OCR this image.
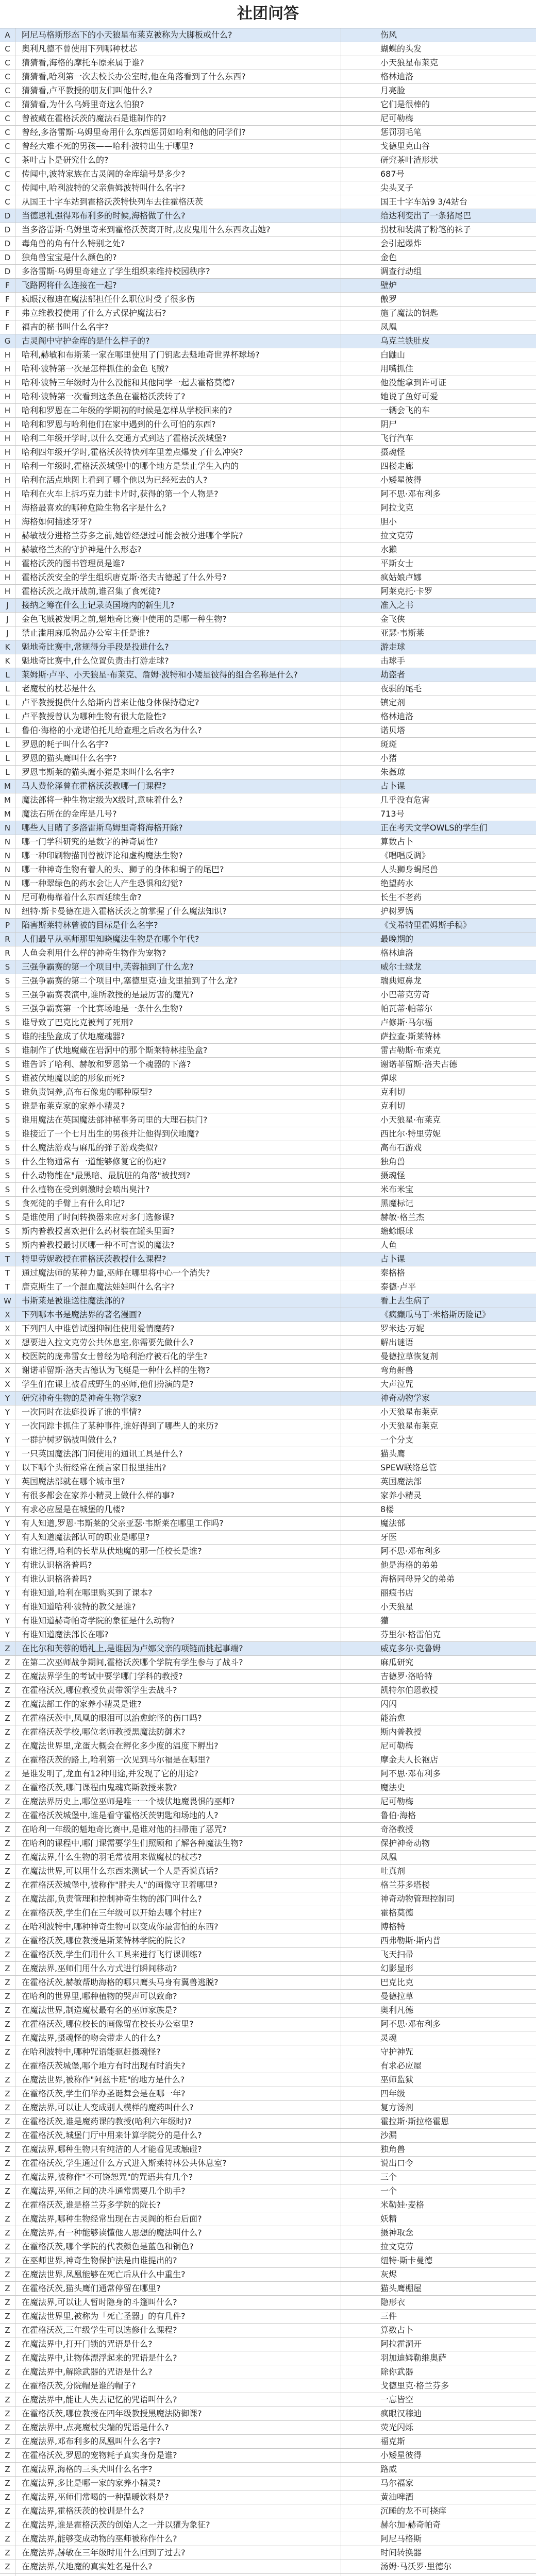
社团问答
A	阿尼马格斯形态下的小天狼星布莱克被称为大脚板或什么?	伤风
C	奥利凡德不曾使用下列哪种杖芯	蝴蝶的头发
C	猜猜看,海格的摩托车原来属于谁?	小天狼星布莱克
C	猜猜看,哈利第一次去校长办公室时,他在角落看到了什么东西?	格林迪洛
C	猜猜看,卢平教授的朋友们叫他什么?	月亮脸
C	猜猜看,为什么乌姆里奇这么怕狼?	它们是很棒的
C	曾被藏在霍格沃茨的魔法石是谁制作的?	尼可勒梅
C	曾经,多洛雷斯·乌姆里奇用什么东西惩罚如哈利和他的同学们?	惩罚羽毛笔
C	曾经大难不死的男孩——哈利·波特出生于哪里?	戈德里克山谷
C	茶叶占卜是研究什么的?	研究茶叶渣形状
C	传闻中,波特家族在古灵阁的金库编号是多少?	687号
C	传闻中,哈利波特的父亲詹姆波特叫什么名字?	尖头叉子
C	从国王十字车站到霍格沃茨特快列车去往霍格沃茨	国王十字车站9 3/4站台
D	当德思礼强得邓布利多的时候,海格做了什么?	给达利变出了一条猪尾巴
D	当多洛雷斯·乌姆里奇来到霍格沃茨离开时,皮皮鬼用什么东西攻击她?	拐杖和装满了粉笔的袜子
D	毒角兽的角有什么特别之处?	会引起爆炸
D	独角兽宝宝是什么颜色的?	金色
D	多洛雷斯·乌姆里奇建立了学生组织来维持校园秩序?	调查行动组
F	飞路网将什么连接在一起?	壁炉
F	疯眼汉穆迪在魔法部担任什么职位时受了很多伤	傲罗
F	弗立维教授使用了什么方式保护魔法石?	施了魔法的钥匙
F	福吉的秘书叫什么名字?	凤凰
G	古灵阁中守护金库的是什么样子的?	乌克兰铁肚皮
H	哈利,赫敏和布斯莱一家在哪里使用了门钥匙去魁地奇世界杯球场?	白鼬山
H	哈利·波特第一次是怎样抓住的金色飞贼?	用嘴抓住
H	哈利·波特三年级时为什么没能和其他同学一起去霍格莫德?	他没能拿到许可证
H	哈利·波特第一次看到这条鱼在霍格沃茨转了?	她说了鱼好可爱
H	哈利和罗恩在二年级的学期初的时候是怎样从学校回来的?	一辆会飞的车
H	哈利和罗恩与哈利他们在家中遇到的什么可怕的东西?	阴尸
H	哈利二年级开学时,以什么交通方式到达了霍格沃茨城堡?	飞行汽车
H	哈利四年级开学时,霍格沃茨特快列车里差点爆发了什么冲突?	摄魂怪
H	哈利一年级时,霍格沃茨城堡中的哪个地方是禁止学生入内的	四楼走廊
H	哈利在活点地图上看到了哪个他以为已经死去的人?	小矮星彼得
H	哈利在火车上拆巧克力蛙卡片时,获得的第一个人物是?	阿不思·邓布利多
H	海格最喜欢的哪种危险生物名字是什么?	阿拉戈克
H	海格如何描述牙牙?	胆小
H	赫敏被分进格兰芬多之前,她曾经想过可能会被分进哪个学院?	拉文克劳
H	赫敏格兰杰的守护神是什么形态?	水獭
H	霍格沃茨的图书管理员是谁?	平斯女士
H	霍格沃茨安全的学生组织唐克斯·洛夫古德起了什么外号?	疯姑娘卢娜
H	霍格沃茨之战开战前,谁召集了食死徒?	阿莱克托·卡罗
J	接纳之筹在什么上记录英国境内的新生儿?	准入之书
J	金色飞贼被发明之前,魁地奇比赛中使用的是哪一种生物?	金飞侠
J	禁止滥用麻瓜物品办公室主任是谁?	亚瑟·韦斯莱
K	魁地奇比赛中,常规得分手段是投进什么?	游走球
K	魁地奇比赛中,什么位置负责击打游走球?	击球手
L	莱姆斯·卢平、小天狼星·布莱克、詹姆·波特和小矮星彼得的组合名称是什么?	劫盗者
L	老魔杖的杖芯是什么	夜骐的尾毛
L	卢平教授提供什么给斯内普来让他身体保持稳定?	镇定剂
L	卢平教授曾认为哪种生物有很大危险性?	格林迪洛
L	鲁伯·海格的小龙诺伯托儿给查理之后改名为什么?	诺贝塔
L	罗恩的耗子叫什么名字?	斑斑
L	罗恩的猫头鹰叫什么名字?	小猪
L	罗恩韦斯莱的猫头鹰小猪是来叫什么名字?	朱薇琼
M	马人费伦泽曾在霍格沃茨教哪一门课程?	占卜课
M	魔法部将一种生物定级为X级时,意味着什么?	几乎没有危害
M	魔法石所在的金库是几号?	713号
N	哪些人目睹了多洛雷斯乌姆里奇将海格开除?	正在考天文学OWLS的学生们
N	哪一门学科研究的是数字的神奇属性?	算数占卜
N	哪一种印刷物描刊曾被评论和虚构魔法生物?	《唱唱反调》
N	哪一种神奇生物有着人的头、狮子的身体和蝎子的尾巴?	人头狮身蝎尾兽
N	哪一种翠绿色的药水会让人产生恐惧和幻觉?	绝望药水
N	尼可勒梅靠着什么东西延续生命?	长生不老药
N	纽特·斯卡曼德在进入霍格沃茨之前掌握了什么魔法知识?	护树罗锅
P	陷害斯莱特林曾被的目标是什么名字?	《戈希特里霍姆斯手稿》
R	人们最早从巫师那里知晓魔法生物是在哪个年代?	最晚期的
R	人鱼会利用什么样的神奇生物作为宠物?	格林迪洛
S	三强争霸赛的第一个项目中,芙蓉抽到了什么龙?	威尔士绿龙
S	三强争霸赛的第二个项目中,塞德里克·迪戈里抽到了什么龙?	瑞典短鼻龙
S	三强争霸赛表演中,谁所教授的是最厉害的魔咒?	小巴蒂克劳奇
S	三强争霸赛第一个比赛场地是一条什么生物?	帕瓦蒂·帕蒂尔
S	谁导致了巴克比克被判了死刑?	卢修斯·马尔福
S	谁的挂坠盒成了伏地魔魂器?	萨拉查·斯莱特林
S	谁制作了伏地魔藏在岩洞中的那个斯莱特林挂坠盒?	雷古勒斯·布莱克
S	谁告诉了哈利、赫敏和罗恩第一个魂器的下落?	谢诺菲留斯·洛夫古德
S	谁被伏地魔以蛇的形象而死?	弹球
S	谁负责饲养,高布石像鬼的哪种原型?	克利切
S	谁是布莱克家的家养小精灵?	克利切
S	谁用魔法在英国魔法部神秘事务司里的大理石拱门?	小天狼星·布莱克
S	谁接近了一个七月出生的男孩并让他得到伏地魔?	西比尔·特里劳妮
S	什么魔法游戏与麻瓜的弹子游戏类似?	高布石游戏
S	什么生物通常有一道能够修复它的伤疤?	独角兽
S	什么动物能在"最黑暗、最肮脏的角落"被找到?	摄魂怪
S	什么植物在受到刺激时会喷出臭汁?	米布米宝
S	食死徒的手臂上有什么印记?	黑魔标记
S	是谁使用了时间转换器来应对多门选修课?	赫敏·格兰杰
S	斯内普教授喜欢把什么药材装在罐头里面?	蟾蜍眼球
S	斯内普教授最讨厌哪一种不可言说的魔法?	人鱼
T	特里劳妮教授在霍格沃茨教授什么课程?	占卜课
T	通过魔法师的某种力量,巫师在哪里将中心一个消失?	秦格格
T	唐克斯生了一个混血魔法娃娃叫什么名字?	泰德·卢平
W	韦斯莱是被谁送往魔法部的?	看上去生病了
X	下列哪本书是魔法界的著名漫画?	《疯癫瓜马丁·米格斯历险记》
X	下列四人中谁曾试图抑制住使用爱情魔药?	罗米达·万妮
X	想要进入拉文克劳公共休息室,你需要先做什么?	解出谜语
X	校医院的庞弗雷女士曾经为哈利治疗被石化的学生?	曼德拉草恢复剂
X	谢诺菲留斯·洛夫古德认为飞艇是一种什么样的生物?	弯角鼾兽
X	学生们在课上被看成野生的巫师,他们扮演的是?	大声泣咒
Y	研究神奇生物的是神奇生物学家?	神奇动物学家
Y	一次同时在法庭投诉了谁的事情?	小天狼星布莱克
Y	一次同踪卡抓住了某种事件,谁好得到了哪些人的来历?	小天狼星布莱克
Y	一群护树罗锅被叫做什么?	一个分支
Y	一只英国魔法部门间使用的通讯工具是什么?	猫头鹰
Y	以下哪个头衔经常在预言家日报里挂出?	SPEW联络总管
Y	英国魔法部就在哪个城市里?	英国魔法部
Y	有很多都会在家养小精灵上做什么样的事?	家养小精灵
Y	有求必应屋是在城堡的几楼?	8楼
Y	有人知道,罗恩·韦斯莱的父亲亚瑟·韦斯莱在哪里工作吗?	魔法部
Y	有人知道魔法部认可的职业是哪里?	牙医
Y	有谁记得,哈利的长辈从伏地魔的那一任校长是谁?	阿不思·邓布利多
Y	有谁认识格洛普吗?	他是海格的弟弟
Y	有谁认识格洛普吗?	海格同母异父的弟弟
Y	有谁知道,哈利在哪里购买到了课本?	丽痕书店
Y	有谁知道哈利·波特的教父是谁?	小天狼星
Y	有谁知道赫奇帕奇学院的象征是什么动物?	獾
Y	有谁知道魔法部长在哪?	芬里尔·格雷伯克
Z	在比尔和芙蓉的婚礼上,是谁因为卢娜父亲的项链而挑起事端?	威克多尔·克鲁姆
Z	在第二次巫师战争期间,霍格沃茨哪个学院有学生参与了战斗?	麻瓜研究
Z	在魔法界学生的考试中要学哪门学科的教授?	吉德罗·洛哈特
Z	在霍格沃茨,哪位教授负责带领学生去战斗?	凯特尔伯恩教授
Z	在魔法部工作的家养小精灵是谁?	闪闪
Z	在霍格沃茨中,凤凰的眼泪可以治愈蛇怪的伤口吗?	能治愈
Z	在霍格沃茨学校,哪位老师教授黑魔法防御术?	斯内普教授
Z	在魔法世界里,龙蛋大概会在孵化多少度的温度下孵出?	尼可勒梅
Z	在霍格沃茨的路上,哈利第一次见到马尔福是在哪里?	摩金夫人长袍店
Z	是谁发明了,龙血有12种用途,并发现了它的用途?	阿不思·邓布利多
Z	在霍格沃茨,哪门课程由鬼魂宾斯教授来教?	魔法史
Z	在魔法界历史上,哪位巫师是唯一一个被伏地魔畏惧的巫师?	尼可勒梅
Z	在霍格沃茨城堡中,谁是看守霍格沃茨钥匙和场地的人?	鲁伯·海格
Z	在哈利一年级的魁地奇比赛中,是谁对他的扫帚施了恶咒?	奇洛教授
Z	在哈利的课程中,哪门课需要学生们照顾和了解各种魔法生物?	保护神奇动物
Z	在魔法界,什么生物的羽毛常被用来做魔杖的杖芯?	凤凰
Z	在魔法世界,可以用什么东西来测试一个人是否说真话?	吐真剂
Z	在霍格沃茨城堡中,被称作"胖夫人"的画像守卫着哪里?	格兰芬多塔楼
Z	在魔法部,负责管理和控制神奇生物的部门叫什么?	神奇动物管理控制司
Z	在霍格沃茨,学生们在三年级可以开始去哪个村庄?	霍格莫德
Z	在哈利波特中,哪种神奇生物可以变成你最害怕的东西?	博格特
Z	在霍格沃茨,哪位教授是斯莱特林学院的院长?	西弗勒斯·斯内普
Z	在霍格沃茨,学生们用什么工具来进行飞行课训练?	飞天扫帚
Z	在魔法界,巫师们用什么方式进行瞬间移动?	幻影显形
Z	在霍格沃茨,赫敏帮助海格的哪只鹰头马身有翼兽逃脱?	巴克比克
Z	在哈利的世界里,哪种植物的哭声可以致命?	曼德拉草
Z	在魔法世界,制造魔杖最有名的巫师家族是?	奥利凡德
Z	在霍格沃茨,哪位校长的画像留在校长办公室里?	阿不思·邓布利多
Z	在魔法界,摄魂怪的吻会带走人的什么?	灵魂
Z	在哈利波特中,哪种咒语能驱赶摄魂怪?	守护神咒
Z	在霍格沃茨城堡,哪个地方有时出现有时消失?	有求必应屋
Z	在魔法世界,被称作"阿兹卡班"的地方是什么?	巫师监狱
Z	在霍格沃茨,学生们举办圣诞舞会是在哪一年?	四年级
Z	在魔法界,可以让人变成别人模样的魔药叫什么?	复方汤剂
Z	在霍格沃茨,谁是魔药课的教授(哈利六年级时)?	霍拉斯·斯拉格霍恩
Z	在霍格沃茨,城堡门厅中用来计算学院分的是什么?	沙漏
Z	在魔法界,哪种生物只有纯洁的人才能看见或触碰?	独角兽
Z	在霍格沃茨,学生通过什么方式进入斯莱特林公共休息室?	说出口令
Z	在魔法界,被称作"不可饶恕咒"的咒语共有几个?	三个
Z	在魔法界,巫师之间的决斗通常需要几个助手?	一个
Z	在霍格沃茨,谁是格兰芬多学院的院长?	米勒娃·麦格
Z	在魔法界,哪种生物经常出现在古灵阁的柜台后面?	妖精
Z	在魔法界,有一种能够读懂他人思想的魔法叫什么?	摄神取念
Z	在霍格沃茨,哪个学院的代表颜色是蓝色和铜色?	拉文克劳
Z	在巫师世界,神奇生物保护法是由谁提出的?	纽特·斯卡曼德
Z	在魔法世界,凤凰能够在死亡后从什么中重生?	灰烬
Z	在霍格沃茨,猫头鹰们通常停留在哪里?	猫头鹰棚屋
Z	在魔法界,可以让人暂时隐身的斗篷叫什么?	隐形衣
Z	在魔法世界里,被称为「死亡圣器」的有几件?	三件
Z	在霍格沃茨,三年级学生可以选修什么课程?	算数占卜
Z	在魔法界中,打开门锁的咒语是什么?	阿拉霍洞开
Z	在魔法界中,让物体漂浮起来的咒语是什么?	羽加迪姆勒维奥萨
Z	在魔法界中,解除武器的咒语是什么?	除你武器
Z	在霍格沃茨,分院帽是谁的帽子?	戈德里克·格兰芬多
Z	在魔法界中,能让人失去记忆的咒语叫什么?	一忘皆空
Z	在霍格沃茨,哪位教授在四年级教授黑魔法防御课?	疯眼汉穆迪
Z	在魔法界中,点亮魔杖尖端的咒语是什么?	荧光闪烁
Z	在魔法界,邓布利多的凤凰叫什么名字?	福克斯
Z	在霍格沃茨,罗恩的宠物耗子真实身份是谁?	小矮星彼得
Z	在魔法界,海格的三头犬叫什么名字?	路威
Z	在魔法界,多比是哪一家的家养小精灵?	马尔福家
Z	在魔法界,巫师们常喝的一种温暖饮料是?	黄油啤酒
Z	在魔法界,霍格沃茨的校训是什么?	沉睡的龙不可挠痒
Z	在魔法界,谁是霍格沃茨的创始人之一并以獾为象征?	赫尔加·赫奇帕奇
Z	在魔法界,能够变成动物的巫师被称作什么?	阿尼马格斯
Z	在魔法界,赫敏在三年级时用什么回到了过去?	时间转换器
Z	在魔法界,伏地魔的真实姓名是什么?	汤姆·马沃罗·里德尔
